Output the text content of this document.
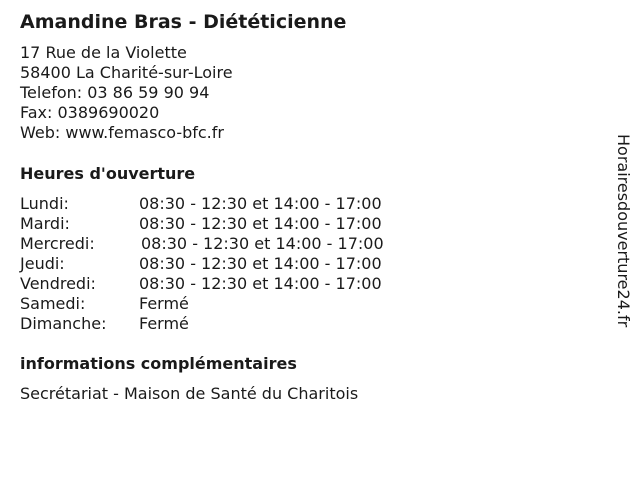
Amandine Bras - Diététicienne
17 Rue de la Violette
58400 La Charité-sur-Loire
Telefon: 03 86 59 90 94
Fax: 0389690020
Web: www.femasco-bfc.fr
Heures d'ouverture
Lundi:	08:30 - 12:30 et 14:00 - 17:00
Mardi:	08:30 - 12:30 et 14:00 - 17:00
Mercredi:	08:30 - 12:30 et 14:00 - 17:00
Jeudi:	08:30 - 12:30 et 14:00 - 17:00
Vendredi:	08:30 - 12:30 et 14:00 - 17:00
Samedi:	Fermé
Dimanche: Fermé
informations complémentaires
Secrétariat - Maison de Santé du Charitois
Horairesdouverture24.fr
